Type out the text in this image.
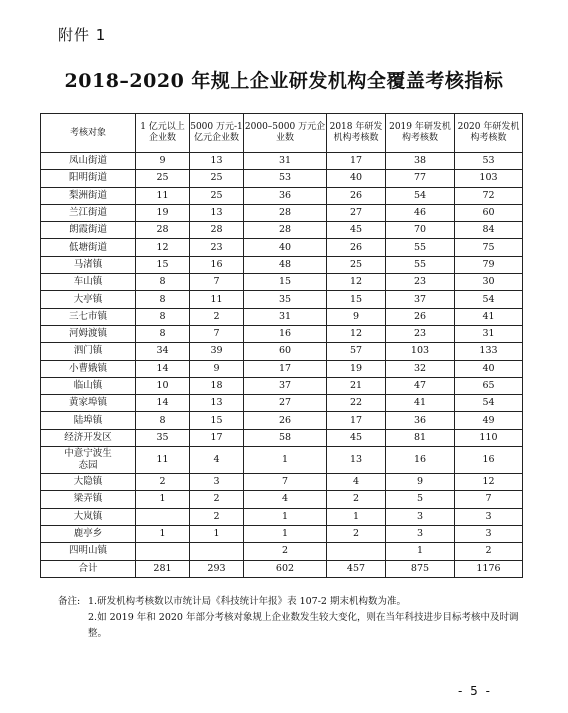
附件 1
2018–2020 年规上企业研发机构全覆盖考核指标
考核对象	1 亿元以上企业数	5000 万元-1 亿元企业数	2000–5000 万元企业数	2018 年研发机构考核数	2019 年研发机构考核数	2020 年研发机构考核数
凤山街道	9	13	31	17	38	53
阳明街道	25	25	53	40	77	103
梨洲街道	11	25	36	26	54	72
兰江街道	19	13	28	27	46	60
朗霞街道	28	28	28	45	70	84
低塘街道	12	23	40	26	55	75
马渚镇	15	16	48	25	55	79
车山镇	8	7	15	12	23	30
大亭镇	8	11	35	15	37	54
三七市镇	8	2	31	9	26	41
河姆渡镇	8	7	16	12	23	31
泗门镇	34	39	60	57	103	133
小曹娥镇	14	9	17	19	32	40
临山镇	10	18	37	21	47	65
黄家埠镇	14	13	27	22	41	54
陆埠镇	8	15	26	17	36	49
经济开发区	35	17	58	45	81	110
中意宁波生态园	11	4	1	13	16	16
大隐镇	2	3	7	4	9	12
梁弄镇	1	2	4	2	5	7
大岚镇		2	1	1	3	3
鹿亭乡	1	1	1	2	3	3
四明山镇			2		1	2
合计	281	293	602	457	875	1176
备注: 1.研发机构考核数以市统计局《科技统计年报》表 107-2 期末机构数为准。
2.如 2019 年和 2020 年部分考核对象规上企业数发生较大变化，则在当年科技进步目标考核中及时调整。
- 5 -
